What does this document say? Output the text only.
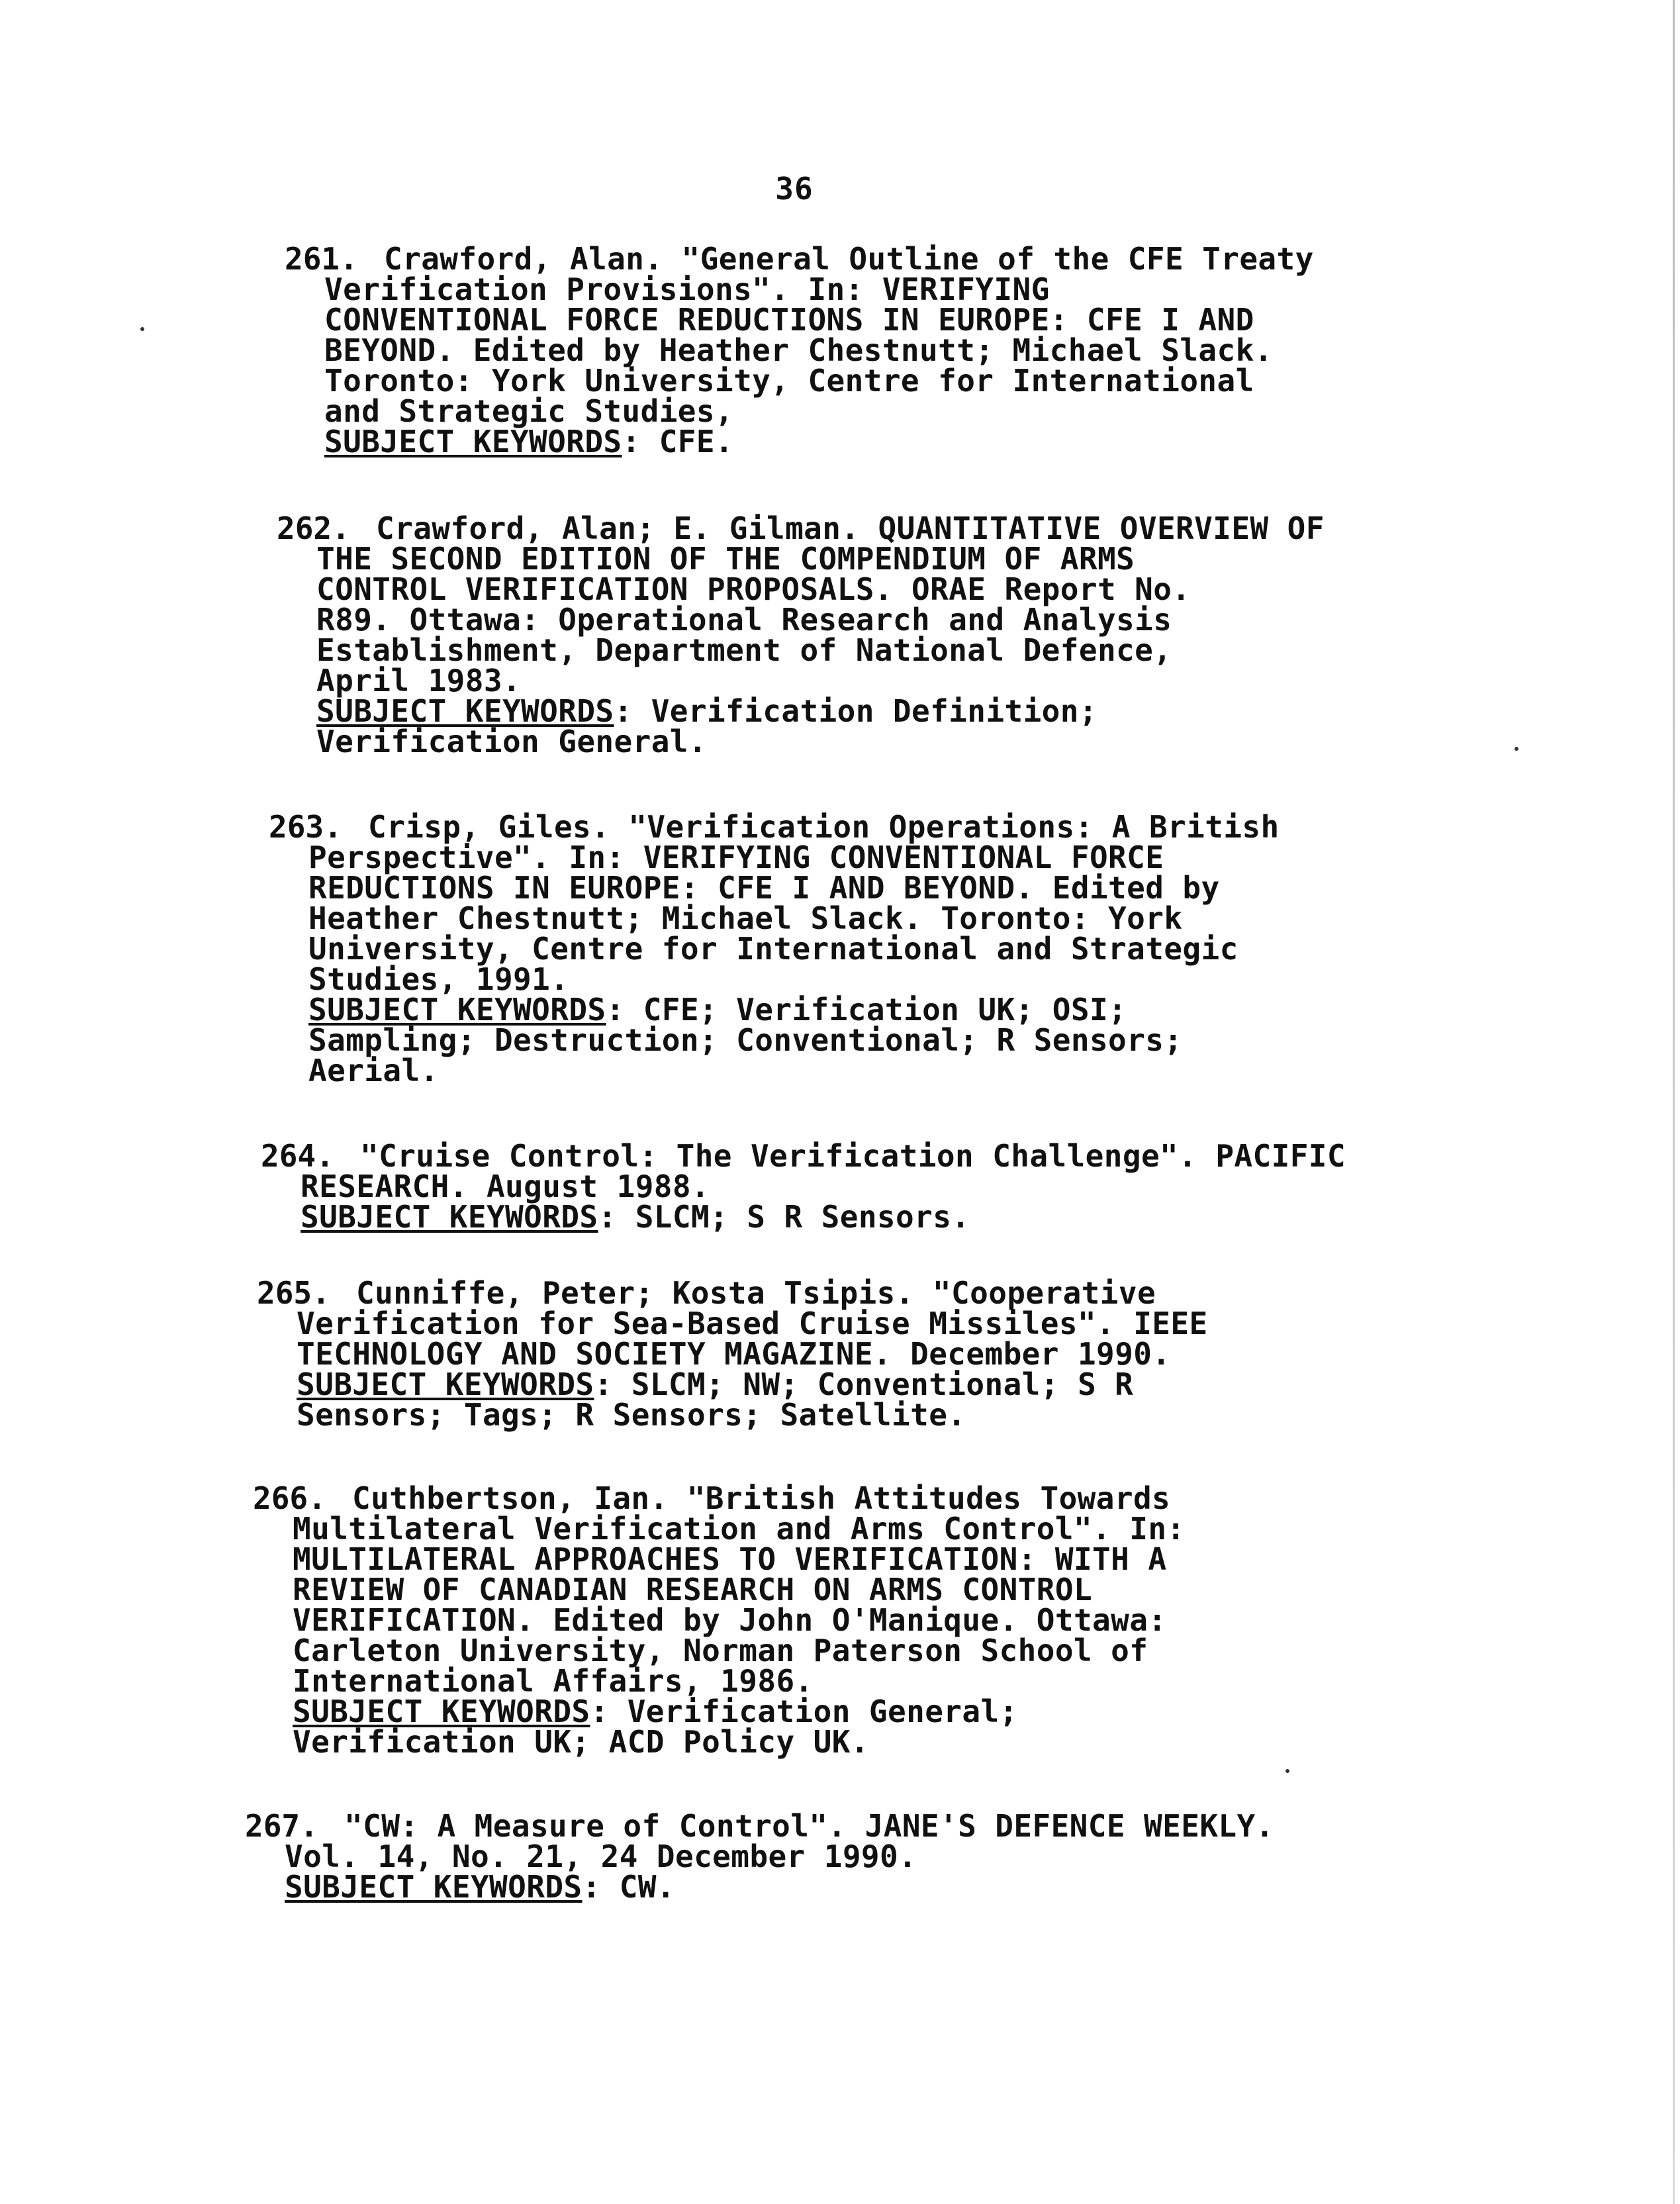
36
261. Crawford, Alan. "General Outline of the CFE Treaty
Verification Provisions". In: VERIFYING
CONVENTIONAL FORCE REDUCTIONS IN EUROPE: CFE I AND
BEYOND. Edited by Heather Chestnutt; Michael Slack.
Toronto: York University, Centre for International
and Strategic Studies,
SUBJECT KEYWORDS: CFE.
262. Crawford, Alan; E. Gilman. QUANTITATIVE OVERVIEW OF
THE SECOND EDITION OF THE COMPENDIUM OF ARMS
CONTROL VERIFICATION PROPOSALS. ORAE Report No.
R89. Ottawa: Operational Research and Analysis
Establishment, Department of National Defence,
April 1983.
SUBJECT KEYWORDS: Verification Definition;
Verification General.
263. Crisp, Giles. "Verification Operations: A British
Perspective". In: VERIFYING CONVENTIONAL FORCE
REDUCTIONS IN EUROPE: CFE I AND BEYOND. Edited by
Heather Chestnutt; Michael Slack. Toronto: York
University, Centre for International and Strategic
Studies, 1991.
SUBJECT KEYWORDS: CFE; Verification UK; OSI;
Sampling; Destruction; Conventional; R Sensors;
Aerial.
264. "Cruise Control: The Verification Challenge". PACIFIC
RESEARCH. August 1988.
SUBJECT KEYWORDS: SLCM; S R Sensors.
265. Cunniffe, Peter; Kosta Tsipis. "Cooperative
Verification for Sea-Based Cruise Missiles". IEEE
TECHNOLOGY AND SOCIETY MAGAZINE. December 1990.
SUBJECT KEYWORDS: SLCM; NW; Conventional; S R
Sensors; Tags; R Sensors; Satellite.
266. Cuthbertson, Ian. "British Attitudes Towards
Multilateral Verification and Arms Control". In:
MULTILATERAL APPROACHES TO VERIFICATION: WITH A
REVIEW OF CANADIAN RESEARCH ON ARMS CONTROL
VERIFICATION. Edited by John O'Manique. Ottawa:
Carleton University, Norman Paterson School of
International Affairs, 1986.
SUBJECT KEYWORDS: Verification General;
Verification UK; ACD Policy UK.
267. "CW: A Measure of Control". JANE'S DEFENCE WEEKLY.
Vol. 14, No. 21, 24 December 1990.
SUBJECT KEYWORDS: CW.
